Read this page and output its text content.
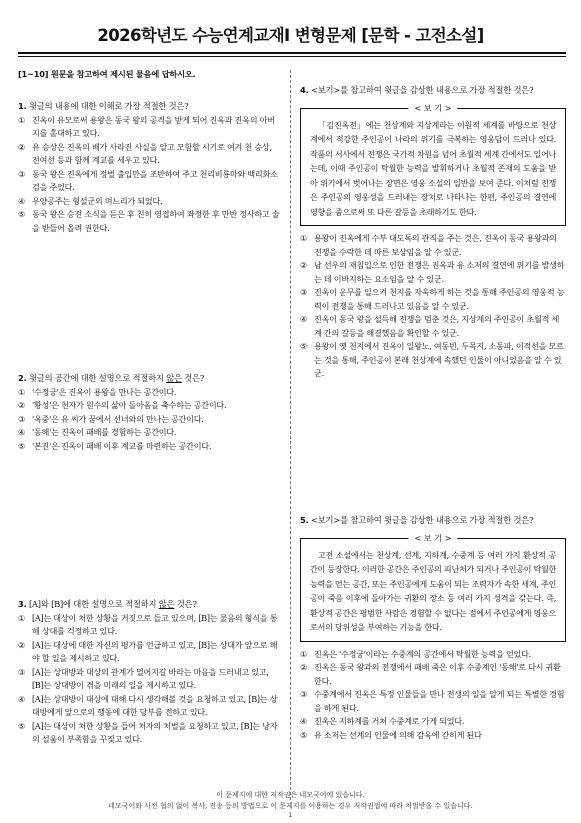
2026학년도 수능연계교재Ⅰ 변형문제 [문학 - 고전소설]
[1~10] 원문을 참고하여 제시된 물음에 답하시오.
1. 윗글의 내용에 대한 이해로 가장 적절한 것은?
① 진옥이 유모로써 용왕은 동국 왕의 공격을 받게 되어 진옥과 진옥의 아버지를 홀대하고 있다.
② 유 승상은 진옥의 배가 사라진 사실을 알고 모함할 시기로 여겨 천 승상, 전여선 등과 함께 계교를 세우고 있다.
③ 동국 왕은 진옥에게 정벌 출입만을 조반하여 주고 천리비룡마와 백리화소검을 주었다.
④ 우양공주는 형설군의 며느리가 되었다.
⑤ 동국 왕은 승전 소식을 듣은 후 친히 영접하여 좌정한 후 만반 정사하고 술을 받들어 올려 권한다.
2. 윗글의 공간에 대한 설명으로 적절하지 않은 것은?
① '수정궁'은 진옥이 용왕을 만나는 공간이다.
② '황성'은 천자가 원수의 삶아 돌아옴을 축수하는 공간이다.
③ '옥중'은 유 씨가 꿈에서 선녀와의 만나는 공간이다.
④ '동해'는 진옥이 패배를 경험하는 공간이다.
⑤ '본진'은 진옥이 패배 이후 계교를 마련하는 공간이다.
3. [A]와 [B]에 대한 설명으로 적절하지 않은 것은?
① [A]는 대상이 처한 상황을 거짓으로 들고 있으며, [B]는 물음의 형식을 통해 상대를 걱정하고 있다.
② [A]는 대상에 대한 자신의 평가를 언급하고 있고, [B]는 상대가 앞으로 해야 할 일을 제시하고 있다.
③ [A]는 상대방과 대상의 관계가 멀어지길 바라는 마음을 드러내고 있고, [B]는 상대방이 겪을 미래의 일을 제시하고 있다.
④ [A]는 상대방이 대상에 대해 다시 생각해볼 것을 요청하고 있고, [B]는 상대방에게 앞으로의 행동에 대한 당부를 전하고 있다.
⑤ [A]는 대상이 처한 상황을 들어 처자의 처벌을 요청하고 있고, [B]는 낭자의 설움이 부족함을 꾸짖고 있다.
4. <보기>를 참고하여 윗글을 감상한 내용으로 가장 적절한 것은?
< 보 기 >
「김진옥전」에는 천상계와 지상계라는 이원적 세계를 바탕으로 천상계에서 적강한 주인공이 나라의 위기를 극복하는 영웅담이 드러나 있다. 작품의 서사에서 전쟁은 국가적 차원을 넘어 초월적 세계 간에서도 일어나는데, 이때 주인공이 탁월한 능력을 발휘하거나 초월적 존재의 도움을 받아 위기에서 벗어나는 장면은 영웅 소설의 일반을 보여 준다. 이처럼 전쟁은 주인공의 영웅성을 드러내는 장치로 나타나는 한편, 주인공의 결연에 영향을 줌으로써 또 다른 갈등을 초래하기도 한다.
① 용왕이 진옥에게 수부 대도독의 관직을 주는 것은, 진옥이 동국 용왕과의 전쟁을 수락한 데 따른 보상임을 알 수 있군.
② 남 선우의 재침입으로 인한 전쟁은 진옥과 유 소저의 결연에 위기를 발생하는 데 이바지하는 요소임을 알 수 있군.
③ 진옥이 운무를 일으켜 천지를 자욱하게 하는 것을 통해 주인공의 영웅적 능력이 전쟁을 통해 드러나고 있음을 알 수 있군.
④ 진옥이 동국 왕을 설득해 전쟁을 멈춘 것은, 지상계의 주인공이 초월적 세계 간의 갈등을 해결했음을 확인할 수 있군.
⑤ 용왕이 옛 천지에서 진옥이 일왕노, 여동빈, 두목지, 소동파, 이적선을 모르는 것을 통해, 주인공이 본래 천상계에 속했던 인물이 아니었음을 알 수 있군.
5. <보기>를 참고하여 윗글을 감상한 내용으로 가장 적절한 것은?
< 보 기 >
고전 소설에서는 천상계, 선계, 지하계, 수중계 등 여러 가지 환상적 공간이 등장한다. 이러한 공간은 주인공의 피난처가 되거나 주인공이 탁월한 능력을 얻는 공간, 또는 주인공에게 도움이 되는 조력자가 속한 세계, 주인공이 죽음 이후에 돌아가는 귀환의 장소 등 여러 가지 성격을 갖는다. 즉, 환상적 공간은 평범한 사람은 경험할 수 없다는 점에서 주인공에게 영웅으로서의 당위성을 부여하는 기능을 한다.
① 진옥은 '수정궁'이라는 수중계의 공간에서 탁월한 능력을 얻었다.
② 진옥은 동국 왕과의 전쟁에서 패배 죽은 이후 수중계인 '동해'로 다시 귀환한다.
③ 수중계에서 진옥은 특정 인물들을 만나 전생의 일을 알게 되는 특별한 경험을 하게 된다.
④ 진옥은 지하계를 거쳐 수중계로 가게 되었다.
⑤ 유 소저는 선계의 인물에 의해 감옥에 갇히게 된다
이 문제지에 대한 저작권은 네모국어에 있습니다.
네모국어와 사전 협의 없이 복사, 전송 등의 방법으로 이 문제지를 이용하는 경우 저작권법에 따라 처벌받을 수 있습니다.
1
